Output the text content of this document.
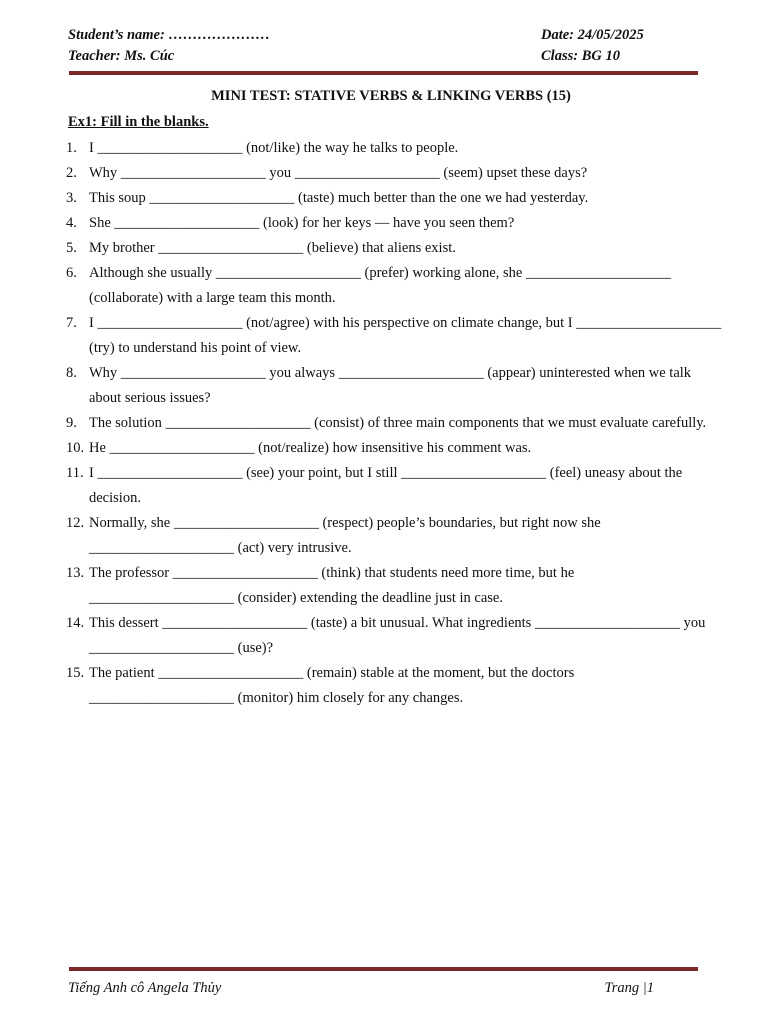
Student’s name: …………………	Date: 24/05/2025
Teacher: Ms. Cúc	Class: BG 10
MINI TEST: STATIVE VERBS & LINKING VERBS (15)
Ex1: Fill in the blanks.
1. I ____________________ (not/like) the way he talks to people.
2. Why ____________________ you ____________________ (seem) upset these days?
3. This soup ____________________ (taste) much better than the one we had yesterday.
4. She ____________________ (look) for her keys — have you seen them?
5. My brother ____________________ (believe) that aliens exist.
6. Although she usually ____________________ (prefer) working alone, she ____________________ (collaborate) with a large team this month.
7. I ____________________ (not/agree) with his perspective on climate change, but I ____________________ (try) to understand his point of view.
8. Why ____________________ you always ____________________ (appear) uninterested when we talk about serious issues?
9. The solution ____________________ (consist) of three main components that we must evaluate carefully.
10. He ____________________ (not/realize) how insensitive his comment was.
11. I ____________________ (see) your point, but I still ____________________ (feel) uneasy about the decision.
12. Normally, she ____________________ (respect) people’s boundaries, but right now she ____________________ (act) very intrusive.
13. The professor ____________________ (think) that students need more time, but he ____________________ (consider) extending the deadline just in case.
14. This dessert ____________________ (taste) a bit unusual. What ingredients ____________________ you ____________________ (use)?
15. The patient ____________________ (remain) stable at the moment, but the doctors ____________________ (monitor) him closely for any changes.
Tiếng Anh cô Angela Thủy	Trang |1
